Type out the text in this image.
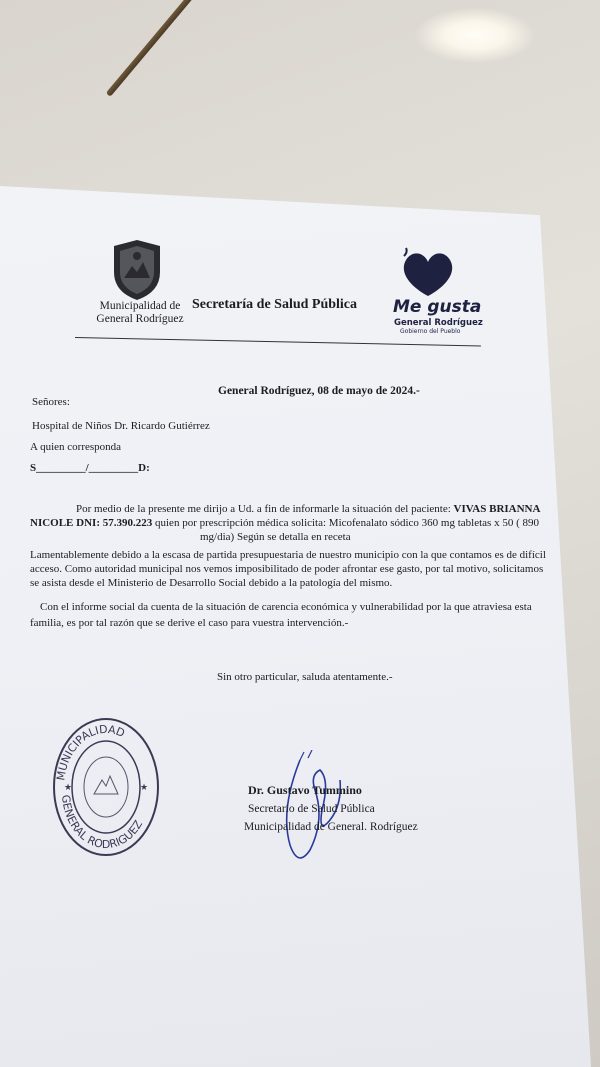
Municipalidad de
General Rodríguez
Secretaría de Salud Pública Me gusta
General Rodríguez
Gobierno del Pueblo
General Rodríguez, 08 de mayo de 2024.-
Señores:
Hospital de Niños Dr. Ricardo Gutiérrez
A quien corresponda
S_________/_________D:
Por medio de la presente me dirijo a Ud. a fin de informarle la situación del paciente: VIVAS BRIANNA
NICOLE DNI: 57.390.223 quien por prescripción médica solicita: Micofenalato sódico 360 mg tabletas x 50 ( 890
mg/dia) Según se detalla en receta
Lamentablemente debido a la escasa de partida presupuestaria de nuestro municipio con la que contamos es de difícil
acceso. Como autoridad municipal nos vemos imposibilitado de poder afrontar ese gasto, por tal motivo, solicitamos
se asista desde el Ministerio de Desarrollo Social debido a la patología del mismo.
Con el informe social da cuenta de la situación de carencia económica y vulnerabilidad por la que atraviesa esta
familia, es por tal razón que se derive el caso para vuestra intervención.-
Sin otro particular, saluda atentamente.-
MUNICIPALIDAD
GENERAL RODRIGUEZ
★	★	Dr. Gustavo Tummino
Secretario de Salud Pública
Municipalidad de General. Rodríguez
